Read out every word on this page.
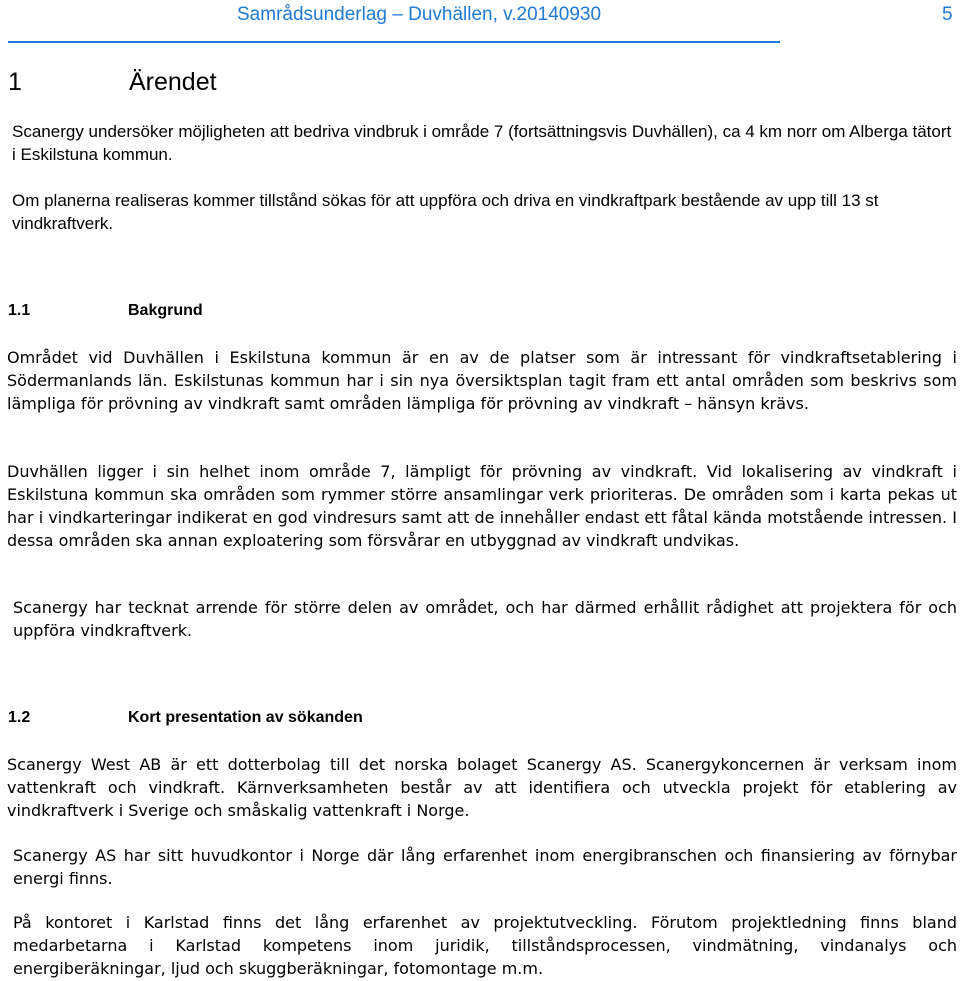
Samrådsunderlag – Duvhällen, v.20140930	5
1	Ärendet

Scanergy undersöker möjligheten att bedriva vindbruk i område 7 (fortsättningsvis Duvhällen), ca 4 km norr om Alberga tätort i Eskilstuna kommun.

Om planerna realiseras kommer tillstånd sökas för att uppföra och driva en vindkraftpark bestående av upp till 13 st vindkraftverk.

1.1	Bakgrund

Området vid Duvhällen i Eskilstuna kommun är en av de platser som är intressant för vindkraftsetablering i Södermanlands län. Eskilstunas kommun har i sin nya översiktsplan tagit fram ett antal områden som beskrivs som lämpliga för prövning av vindkraft samt områden lämpliga för prövning av vindkraft – hänsyn krävs.

Duvhällen ligger i sin helhet inom område 7, lämpligt för prövning av vindkraft. Vid lokalisering av vindkraft i Eskilstuna kommun ska områden som rymmer större ansamlingar verk prioriteras. De områden som i karta pekas ut har i vindkarteringar indikerat en god vindresurs samt att de innehåller endast ett fåtal kända motstående intressen. I dessa områden ska annan exploatering som försvårar en utbyggnad av vindkraft undvikas.

Scanergy har tecknat arrende för större delen av området, och har därmed erhållit rådighet att projektera för och uppföra vindkraftverk.

1.2	Kort presentation av sökanden

Scanergy West AB är ett dotterbolag till det norska bolaget Scanergy AS. Scanergykoncernen är verksam inom vattenkraft och vindkraft. Kärnverksamheten består av att identifiera och utveckla projekt för etablering av vindkraftverk i Sverige och småskalig vattenkraft i Norge.

Scanergy AS har sitt huvudkontor i Norge där lång erfarenhet inom energibranschen och finansiering av förnybar energi finns.

På kontoret i Karlstad finns det lång erfarenhet av projektutveckling. Förutom projektledning finns bland medarbetarna i Karlstad kompetens inom juridik, tillståndsprocessen, vindmätning, vindanalys och energiberäkningar, ljud och skuggberäkningar, fotomontage m.m.
